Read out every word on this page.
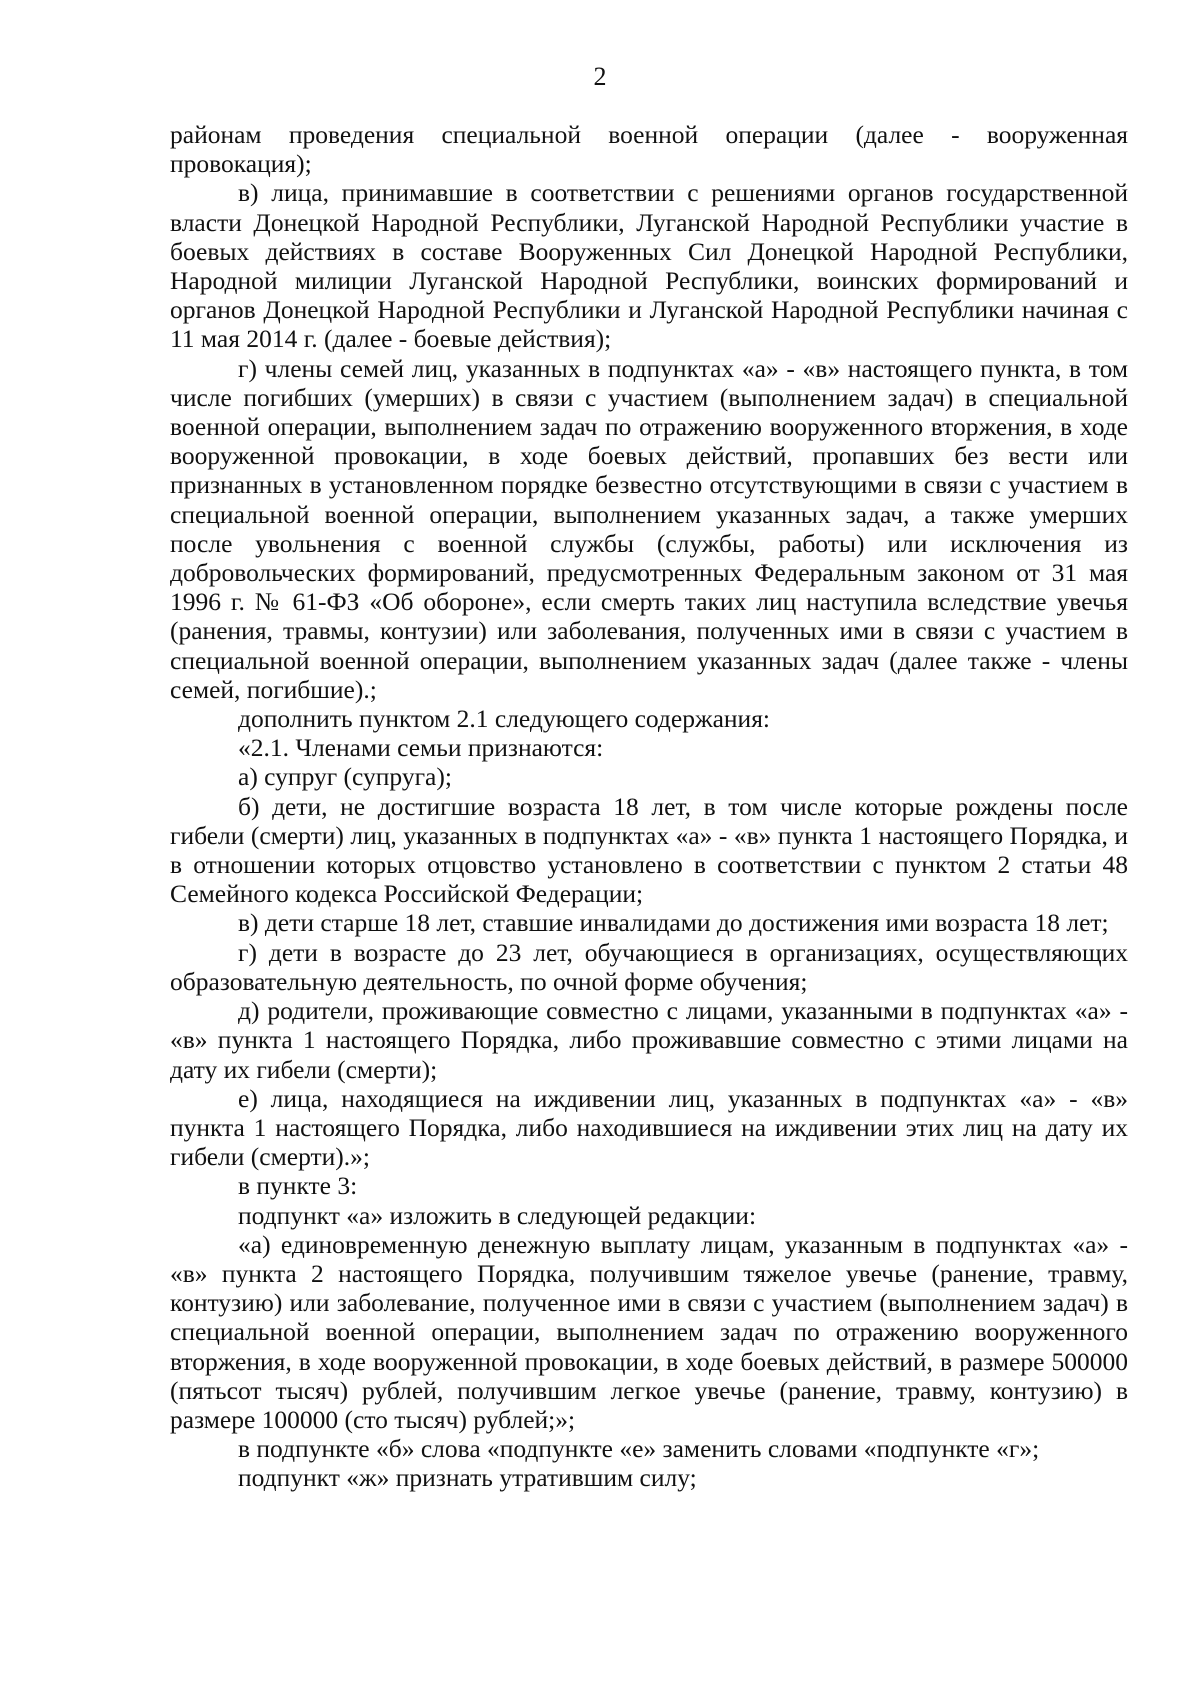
2

районам проведения специальной военной операции (далее - вооруженная провокация);

в) лица, принимавшие в соответствии с решениями органов государственной власти Донецкой Народной Республики, Луганской Народной Республики участие в боевых действиях в составе Вооруженных Сил Донецкой Народной Республики, Народной милиции Луганской Народной Республики, воинских формирований и органов Донецкой Народной Республики и Луганской Народной Республики начиная с 11 мая 2014 г. (далее - боевые действия);

г) члены семей лиц, указанных в подпунктах «а» - «в» настоящего пункта, в том числе погибших (умерших) в связи с участием (выполнением задач) в специальной военной операции, выполнением задач по отражению вооруженного вторжения, в ходе вооруженной провокации, в ходе боевых действий, пропавших без вести или признанных в установленном порядке безвестно отсутствующими в связи с участием в специальной военной операции, выполнением указанных задач, а также умерших после увольнения с военной службы (службы, работы) или исключения из добровольческих формирований, предусмотренных Федеральным законом от 31 мая 1996 г. № 61-ФЗ «Об обороне», если смерть таких лиц наступила вследствие увечья (ранения, травмы, контузии) или заболевания, полученных ими в связи с участием в специальной военной операции, выполнением указанных задач (далее также - члены семей, погибшие).;

дополнить пунктом 2.1 следующего содержания:

«2.1. Членами семьи признаются:

а) супруг (супруга);

б) дети, не достигшие возраста 18 лет, в том числе которые рождены после гибели (смерти) лиц, указанных в подпунктах «а» - «в» пункта 1 настоящего Порядка, и в отношении которых отцовство установлено в соответствии с пунктом 2 статьи 48 Семейного кодекса Российской Федерации;

в) дети старше 18 лет, ставшие инвалидами до достижения ими возраста 18 лет;

г) дети в возрасте до 23 лет, обучающиеся в организациях, осуществляющих образовательную деятельность, по очной форме обучения;

д) родители, проживающие совместно с лицами, указанными в подпунктах «а» - «в» пункта 1 настоящего Порядка, либо проживавшие совместно с этими лицами на дату их гибели (смерти);

е) лица, находящиеся на иждивении лиц, указанных в подпунктах «а» - «в» пункта 1 настоящего Порядка, либо находившиеся на иждивении этих лиц на дату их гибели (смерти).»;

в пункте 3:

подпункт «а» изложить в следующей редакции:

«а) единовременную денежную выплату лицам, указанным в подпунктах «а» - «в» пункта 2 настоящего Порядка, получившим тяжелое увечье (ранение, травму, контузию) или заболевание, полученное ими в связи с участием (выполнением задач) в специальной военной операции, выполнением задач по отражению вооруженного вторжения, в ходе вооруженной провокации, в ходе боевых действий, в размере 500000 (пятьсот тысяч) рублей, получившим легкое увечье (ранение, травму, контузию) в размере 100000 (сто тысяч) рублей;»;

в подпункте «б» слова «подпункте «е» заменить словами «подпункте «г»;

подпункт «ж» признать утратившим силу;
